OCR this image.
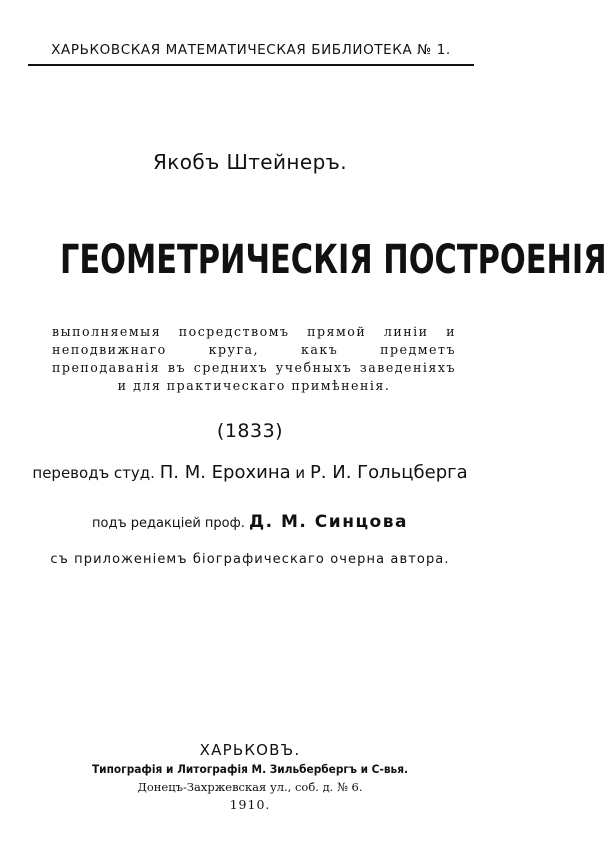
ХАРЬКОВСКАЯ МАТЕМАТИЧЕСКАЯ БИБЛИОТЕКА № 1.
Якобъ Штейнеръ.
ГЕОМЕТРИЧЕСКІЯ ПОСТРОЕНІЯ
выполняемыя посредствомъ прямой линіи и неподвижнаго круга, какъ предметъ преподаванія въ среднихъ учебныхъ заведеніяхъ и для практическаго примѣненія.
(1833)
переводъ студ. П. М. Ерохина и Р. И. Гольцберга
подъ редакціей проф. Д. М. Синцова
съ приложеніемъ біографическаго очерна автора.
ХАРЬКОВЪ.
Типографія и Литографія М. Зильбербергъ и С-вья.
Донецъ-Захржевская ул., соб. д. № 6.
1910.
